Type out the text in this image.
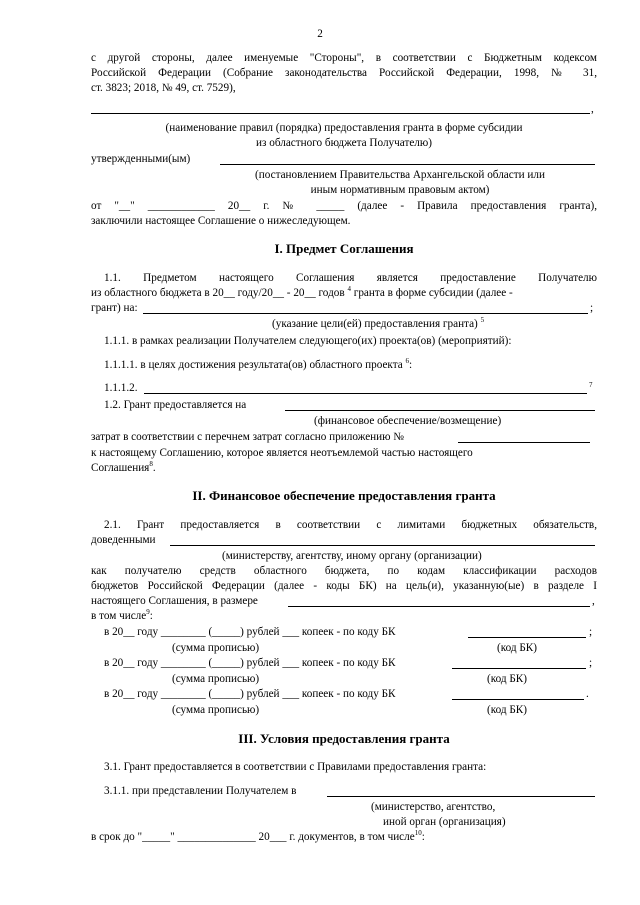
2
с другой стороны, далее именуемые "Стороны", в соответствии с Бюджетным кодексом
Российской Федерации (Собрание законодательства Российской Федерации, 1998, № 31,
ст. 3823; 2018, № 49, ст. 7529),
,
(наименование правил (порядка) предоставления гранта в форме субсидии
из областного бюджета Получателю)
утвержденными(ым)
(постановлением Правительства Архангельской области или
иным нормативным правовым актом)
от "__" ____________ 20__ г. № _____ (далее - Правила предоставления гранта),
заключили настоящее Соглашение о нижеследующем.
I. Предмет Соглашения
1.1. Предметом настоящего Соглашения является предоставление Получателю
из областного бюджета в 20__ году/20__ - 20__ годов $^4$ гранта в форме субсидии (далее -
грант) на:	;
(указание цели(ей) предоставления гранта) $^5$
1.1.1. в рамках реализации Получателем следующего(их) проекта(ов) (мероприятий):
1.1.1.1. в целях достижения результата(ов) областного проекта $^6$:
1.1.1.2.	7
1.2. Грант предоставляется на
(финансовое обеспечение/возмещение)
затрат в соответствии с перечнем затрат согласно приложению №
к настоящему Соглашению, которое является неотъемлемой частью настоящего
Соглашения$^8$.
II. Финансовое обеспечение предоставления гранта
2.1. Грант предоставляется в соответствии с лимитами бюджетных обязательств,
доведенными
(министерству, агентству, иному органу (организации)
как получателю средств областного бюджета, по кодам классификации расходов
бюджетов Российской Федерации (далее - коды БК) на цель(и), указанную(ые) в разделе I
настоящего Соглашения, в размере	,
в том числе$^9$:
в 20__ году ________ (_____) рублей ___ копеек - по коду БК	;
(сумма прописью)	(код БК)
в 20__ году ________ (_____) рублей ___ копеек - по коду БК	;
(сумма прописью)	(код БК)
в 20__ году ________ (_____) рублей ___ копеек - по коду БК	.
(сумма прописью)	(код БК)
III. Условия предоставления гранта
3.1. Грант предоставляется в соответствии с Правилами предоставления гранта:
3.1.1. при представлении Получателем в
(министерство, агентство,
иной орган (организация)
в срок до "_____" ______________ 20___ г. документов, в том числе$^{10}$:
